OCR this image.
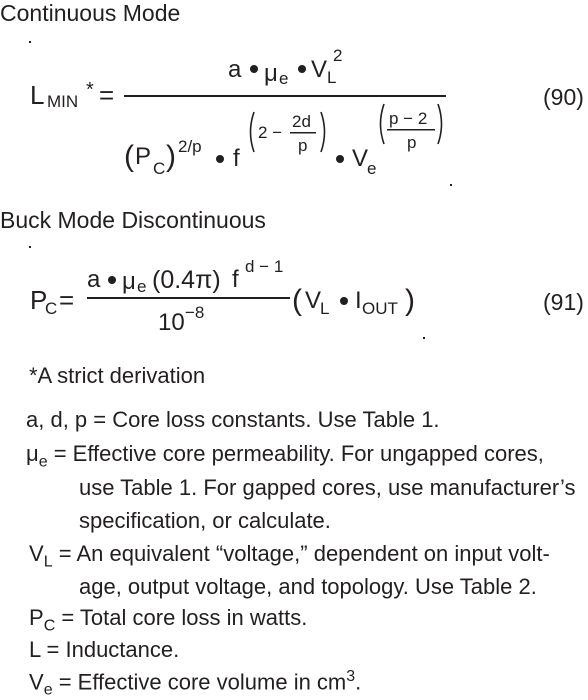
Continuous Mode
(90)
L MIN
* =
a μ e V L
2
( P C ) 2/p f
2 −
2d
p V
e
p − 2
p
Buck Mode Discontinuous
(91)
P
C =
a μ e (0.4π) f d − 1
10 −8	( V
L I OUT )
*A strict derivation
a, d, p = Core loss constants. Use Table 1.
$\mu_e$ = Effective core permeability. For ungapped cores,
use Table 1. For gapped cores, use manufacturer’s
specification, or calculate.
$V_L = An$ equivalent “voltage,” dependent on input volt-
age, output voltage, and topology. Use Table 2.
$P_C$ = Total core loss in watts.
L = Inductance.
$V_e$ = Effective core volume in $cm^3$.
